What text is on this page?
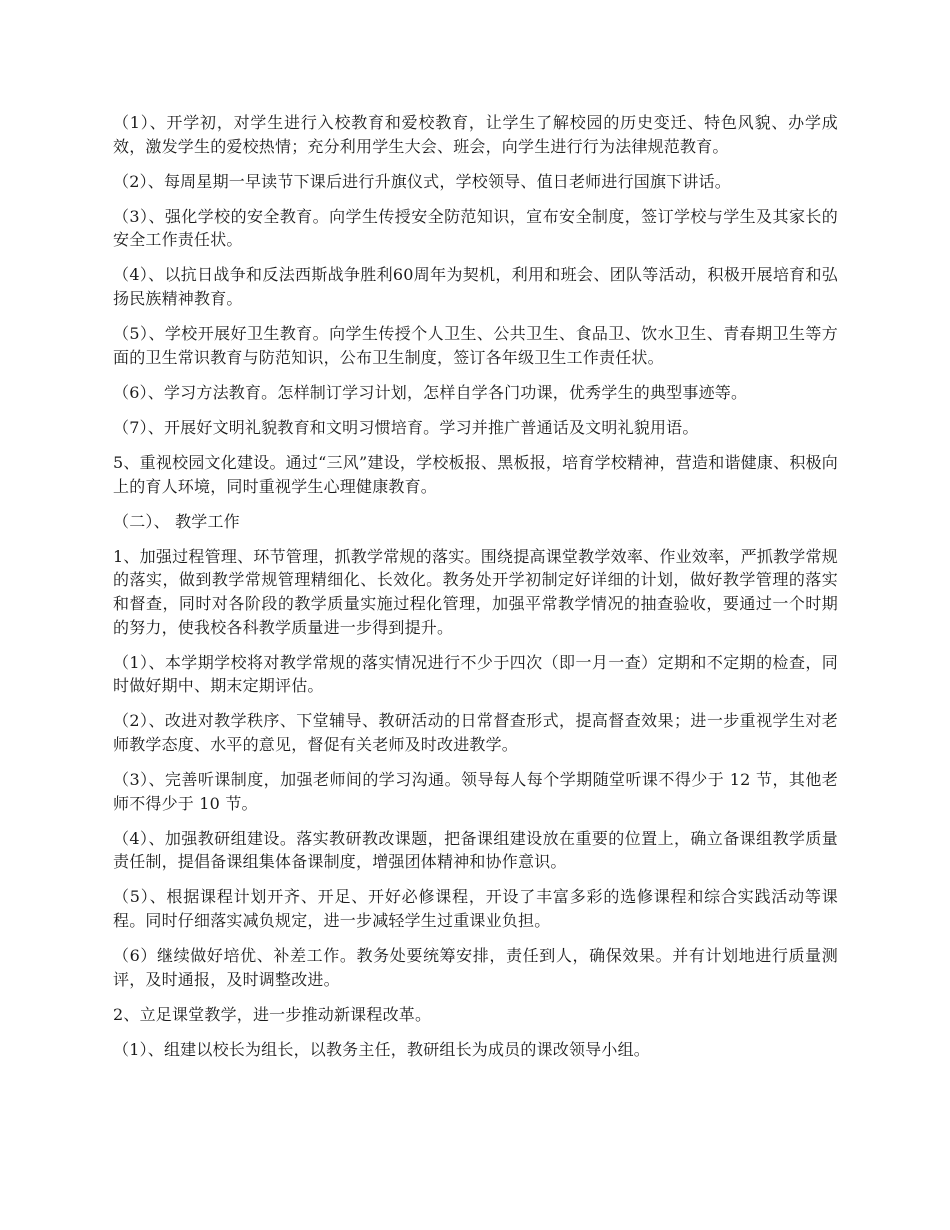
（1）、开学初，对学生进行入校教育和爱校教育，让学生了解校园的历史变迁、特色风貌、办学成效，激发学生的爱校热情；充分利用学生大会、班会，向学生进行行为法律规范教育。

（2）、每周星期一早读节下课后进行升旗仪式，学校领导、值日老师进行国旗下讲话。

（3）、强化学校的安全教育。向学生传授安全防范知识，宣布安全制度，签订学校与学生及其家长的安全工作责任状。

（4）、以抗日战争和反法西斯战争胜利60周年为契机，利用和班会、团队等活动，积极开展培育和弘扬民族精神教育。

（5）、学校开展好卫生教育。向学生传授个人卫生、公共卫生、食品卫、饮水卫生、青春期卫生等方面的卫生常识教育与防范知识，公布卫生制度，签订各年级卫生工作责任状。

（6）、学习方法教育。怎样制订学习计划，怎样自学各门功课，优秀学生的典型事迹等。

（7）、开展好文明礼貌教育和文明习惯培育。学习并推广普通话及文明礼貌用语。

5、重视校园文化建设。通过“三风”建设，学校板报、黑板报，培育学校精神，营造和谐健康、积极向上的育人环境，同时重视学生心理健康教育。

（二）、 教学工作

1、加强过程管理、环节管理，抓教学常规的落实。围绕提高课堂教学效率、作业效率，严抓教学常规的落实，做到教学常规管理精细化、长效化。教务处开学初制定好详细的计划，做好教学管理的落实和督查，同时对各阶段的教学质量实施过程化管理，加强平常教学情况的抽查验收，要通过一个时期的努力，使我校各科教学质量进一步得到提升。

（1）、本学期学校将对教学常规的落实情况进行不少于四次（即一月一查）定期和不定期的检查，同时做好期中、期末定期评估。

（2）、改进对教学秩序、下堂辅导、教研活动的日常督查形式，提高督查效果；进一步重视学生对老师教学态度、水平的意见，督促有关老师及时改进教学。

（3）、完善听课制度，加强老师间的学习沟通。领导每人每个学期随堂听课不得少于 12 节，其他老师不得少于 10 节。

（4）、加强教研组建设。落实教研教改课题，把备课组建设放在重要的位置上，确立备课组教学质量责任制，提倡备课组集体备课制度，增强团体精神和协作意识。

（5）、根据课程计划开齐、开足、开好必修课程，开设了丰富多彩的选修课程和综合实践活动等课程。同时仔细落实减负规定，进一步减轻学生过重课业负担。

（6）继续做好培优、补差工作。教务处要统筹安排，责任到人，确保效果。并有计划地进行质量测评，及时通报，及时调整改进。

2、立足课堂教学，进一步推动新课程改革。

（1）、组建以校长为组长，以教务主任，教研组长为成员的课改领导小组。
